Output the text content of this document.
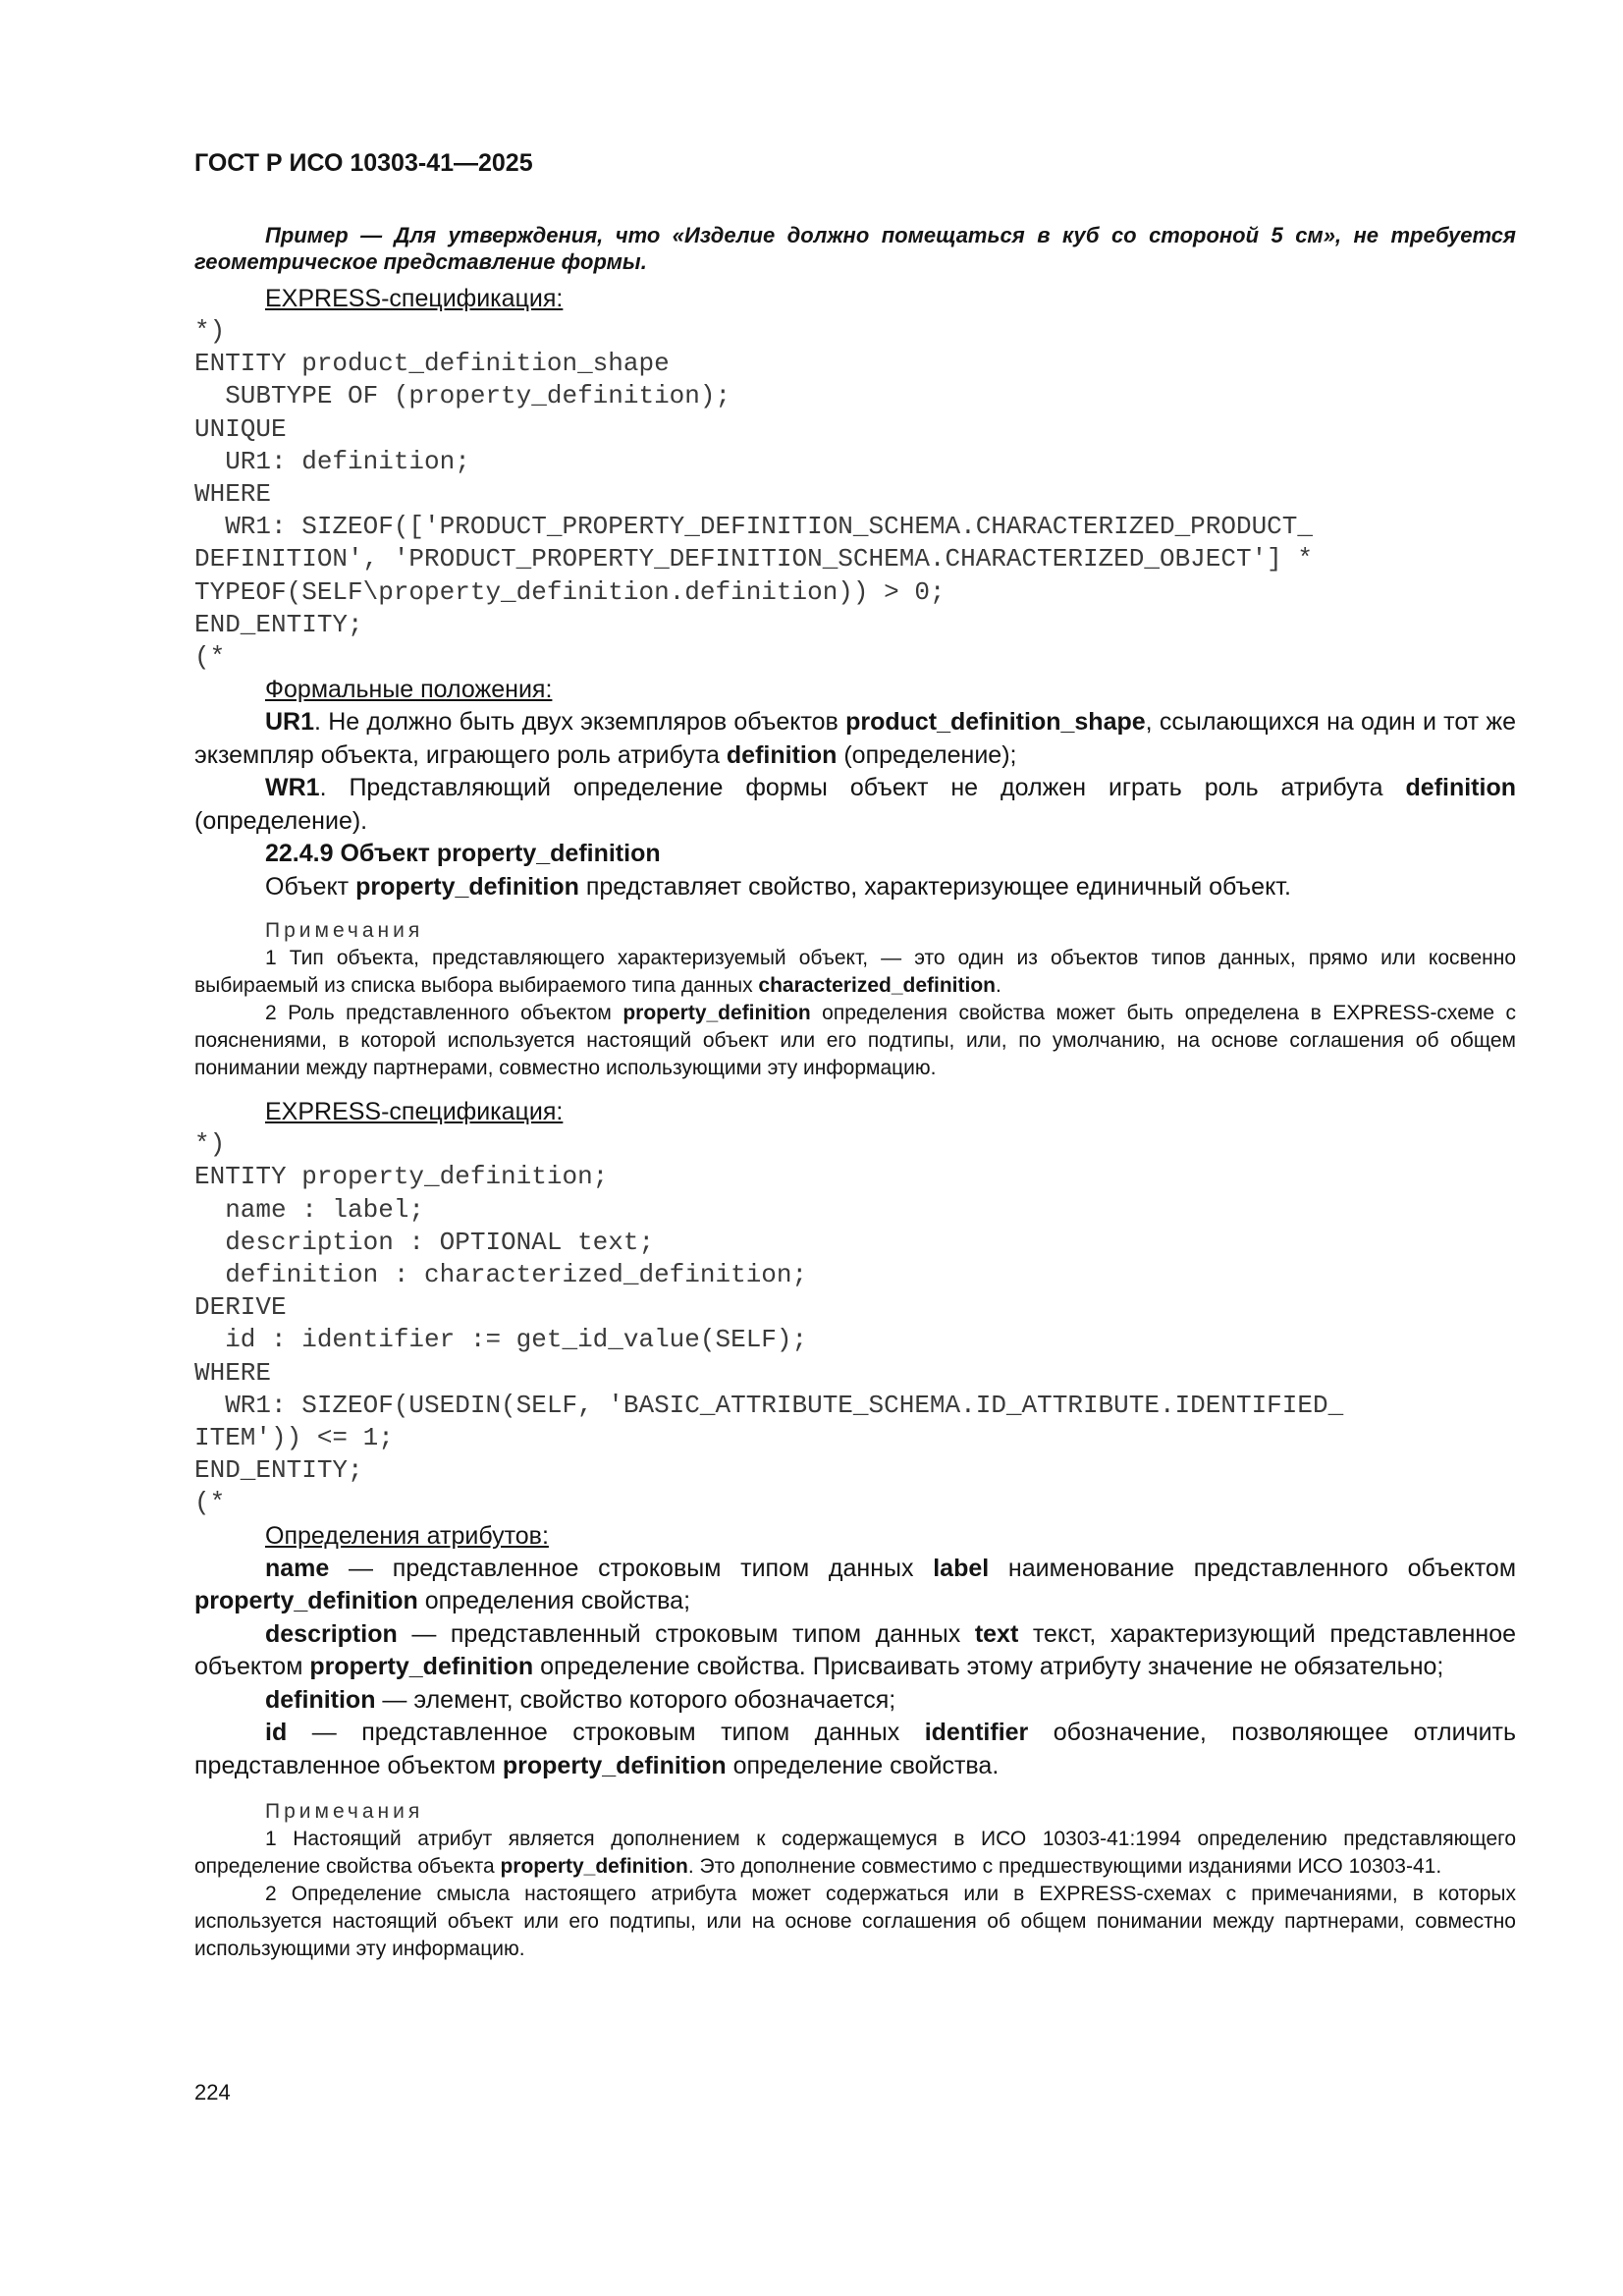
ГОСТ Р ИСО 10303-41—2025

Пример — Для утверждения, что «Изделие должно помещаться в куб со стороной 5 см», не требуется геометрическое представление формы.

EXPRESS-спецификация:

*)
ENTITY product_definition_shape
SUBTYPE OF (property_definition);
UNIQUE
UR1: definition;
WHERE
WR1: SIZEOF(['PRODUCT_PROPERTY_DEFINITION_SCHEMA.CHARACTERIZED_PRODUCT_
DEFINITION', 'PRODUCT_PROPERTY_DEFINITION_SCHEMA.CHARACTERIZED_OBJECT'] *
TYPEOF(SELF\property_definition.definition)) > 0;
END_ENTITY;
(*

Формальные положения:

UR1. Не должно быть двух экземпляров объектов product_definition_shape, ссылающихся на один и тот же экземпляр объекта, играющего роль атрибута definition (определение);

WR1. Представляющий определение формы объект не должен играть роль атрибута definition (определение).

22.4.9 Объект property_definition

Объект property_definition представляет свойство, характеризующее единичный объект.

Примечания

1 Тип объекта, представляющего характеризуемый объект, — это один из объектов типов данных, прямо или косвенно выбираемый из списка выбора выбираемого типа данных characterized_definition.

2 Роль представленного объектом property_definition определения свойства может быть определена в EXPRESS-схеме с пояснениями, в которой используется настоящий объект или его подтипы, или, по умолчанию, на основе соглашения об общем понимании между партнерами, совместно использующими эту информацию.

EXPRESS-спецификация:

*)
ENTITY property_definition;
name : label;
description : OPTIONAL text;
definition : characterized_definition;
DERIVE
id : identifier := get_id_value(SELF);
WHERE
WR1: SIZEOF(USEDIN(SELF, 'BASIC_ATTRIBUTE_SCHEMA.ID_ATTRIBUTE.IDENTIFIED_
ITEM')) <= 1;
END_ENTITY;
(*

Определения атрибутов:

name — представленное строковым типом данных label наименование представленного объектом property_definition определения свойства;

description — представленный строковым типом данных text текст, характеризующий представленное объектом property_definition определение свойства. Присваивать этому атрибуту значение не обязательно;

definition — элемент, свойство которого обозначается;

id — представленное строковым типом данных identifier обозначение, позволяющее отличить представленное объектом property_definition определение свойства.

Примечания

1 Настоящий атрибут является дополнением к содержащемуся в ИСО 10303-41:1994 определению представляющего определение свойства объекта property_definition. Это дополнение совместимо с предшествующими изданиями ИСО 10303-41.

2 Определение смысла настоящего атрибута может содержаться или в EXPRESS-схемах с примечаниями, в которых используется настоящий объект или его подтипы, или на основе соглашения об общем понимании между партнерами, совместно использующими эту информацию.

224
